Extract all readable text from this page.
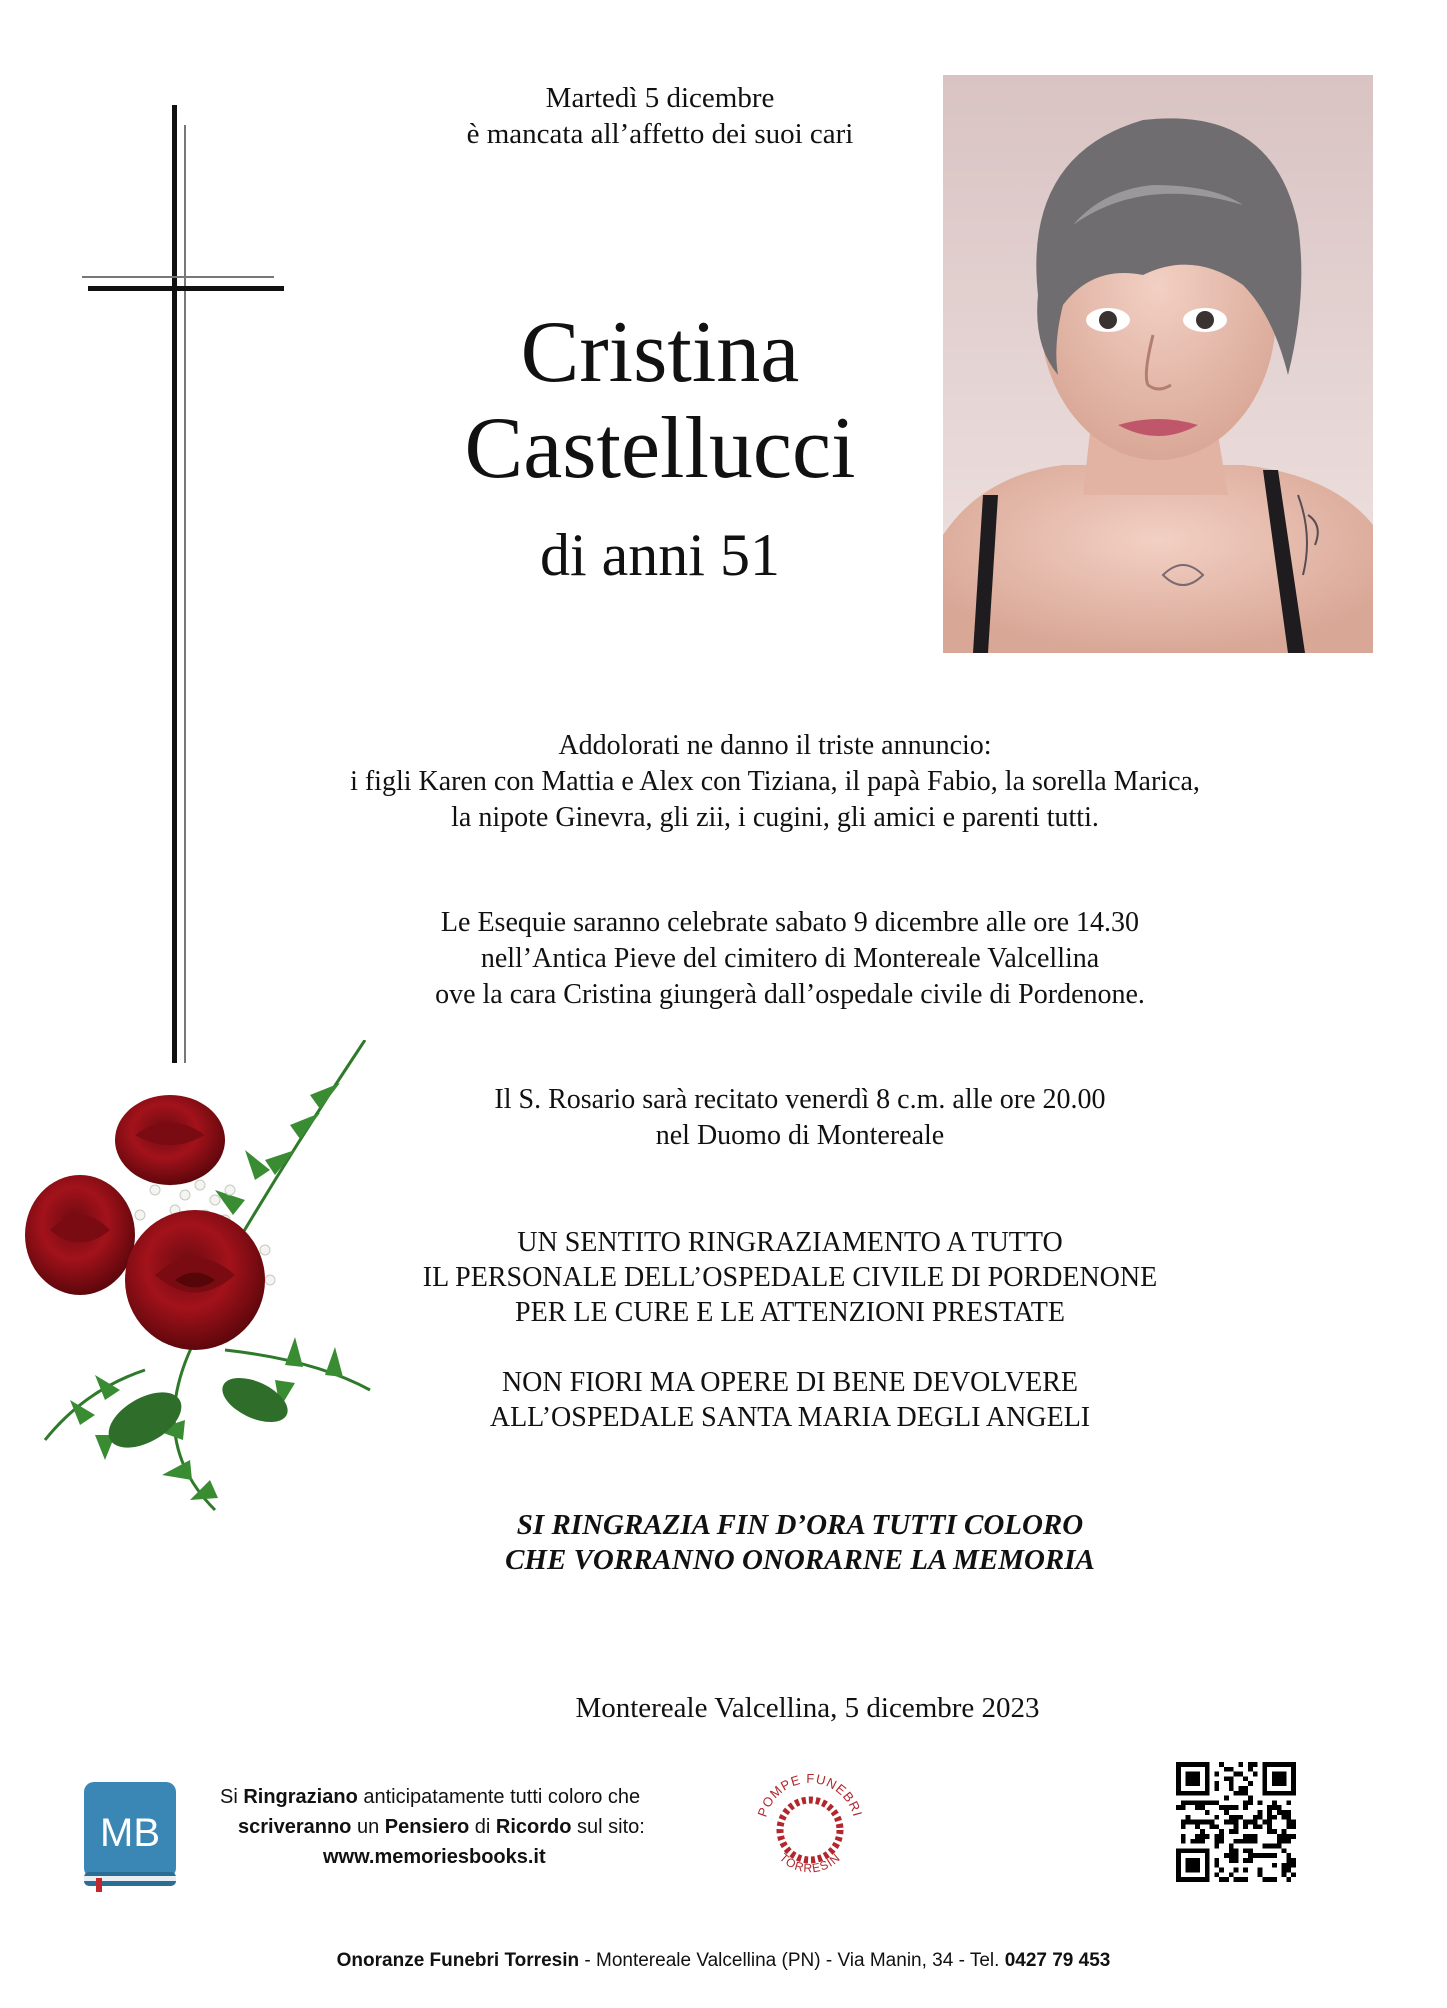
Martedì 5 dicembre
è mancata all’affetto dei suoi cari
Cristina
Castellucci
di anni 51
Addolorati ne danno il triste annuncio:
i figli Karen con Mattia e Alex con Tiziana, il papà Fabio, la sorella Marica,
la nipote Ginevra, gli zii, i cugini, gli amici e parenti tutti.
Le Esequie saranno celebrate sabato 9 dicembre alle ore 14.30
nell’Antica Pieve del cimitero di Montereale Valcellina
ove la cara Cristina giungerà dall’ospedale civile di Pordenone.
Il S. Rosario sarà recitato venerdì 8 c.m. alle ore 20.00
nel Duomo di Montereale
UN SENTITO RINGRAZIAMENTO A TUTTO
IL PERSONALE DELL’OSPEDALE CIVILE DI PORDENONE
PER LE CURE E LE ATTENZIONI PRESTATE
NON FIORI MA OPERE DI BENE DEVOLVERE
ALL’OSPEDALE SANTA MARIA DEGLI ANGELI
SI RINGRAZIA FIN D’ORA TUTTI COLORO
CHE VORRANNO ONORARNE LA MEMORIA
Montereale Valcellina, 5 dicembre 2023
MB
Si Ringraziano anticipatamente tutti coloro che
scriveranno un Pensiero di Ricordo sul sito:
www.memoriesbooks.it
POMPE FUNEBRI
TORRESIN
Onoranze Funebri Torresin - Montereale Valcellina (PN) - Via Manin, 34 - Tel. 0427 79 453
